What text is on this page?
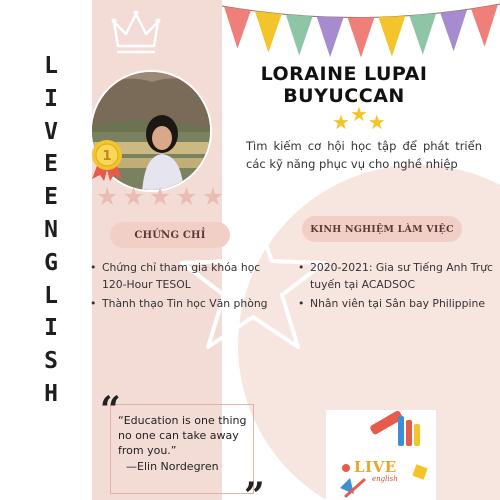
L
I
V
E
E
N
G
L
I
S
H
1
★ ★ ★ ★ ★
LORAINE LUPAI
BUYUCCAN
★ ★ ★

Tìm kiếm cơ hội học tập để phát triển các kỹ năng phục vụ cho nghề nhiệp

CHỨNG CHỈ
KINH NGHIỆM LÀM VIỆC
• Chứng chỉ tham gia khóa học 120-Hour TESOL
• Thành thạo Tin học Văn phòng
• 2020-2021: Gia sư Tiếng Anh Trực tuyến tại ACADSOC
• Nhân viên tại Sân bay Philippine
“
”

“Education is one thing no one can take away from you.”

—Elin Nordegren	LIVE
english
